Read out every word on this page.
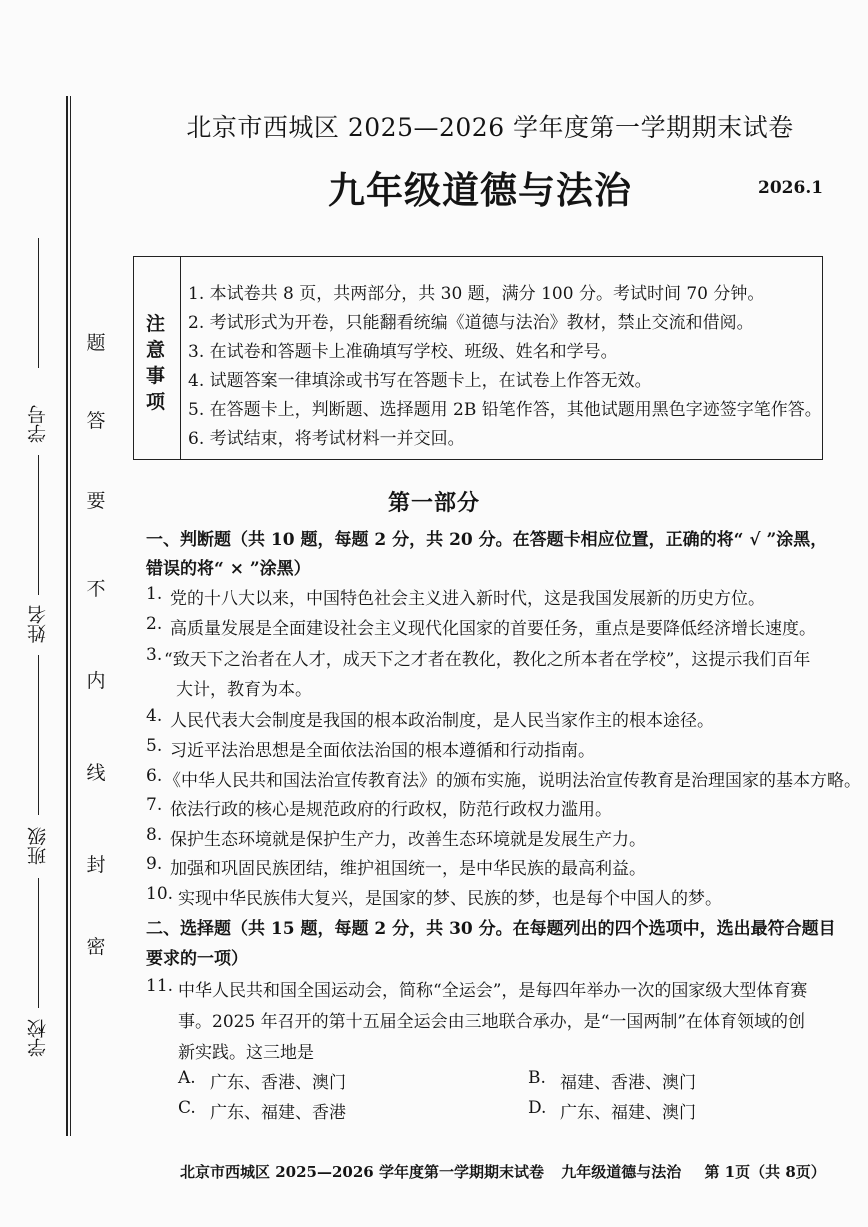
学号
姓名
班级
学校
题
答
要
不
内
线
封
密
北京市西城区 2025—2026 学年度第一学期期末试卷
九年级道德与法治	2026.1
注
意
事
项
1. 本试卷共 8 页，共两部分，共 30 题，满分 100 分。考试时间 70 分钟。
2. 考试形式为开卷，只能翻看统编《道德与法治》教材，禁止交流和借阅。
3. 在试卷和答题卡上准确填写学校、班级、姓名和学号。
4. 试题答案一律填涂或书写在答题卡上，在试卷上作答无效。
5. 在答题卡上，判断题、选择题用 2B 铅笔作答，其他试题用黑色字迹签字笔作答。
6. 考试结束，将考试材料一并交回。
第一部分
一、判断题（共 10 题，每题 2 分，共 20 分。在答题卡相应位置，正确的将“ √ ”涂黑，
错误的将“ × ”涂黑）
1. 党的十八大以来，中国特色社会主义进入新时代，这是我国发展新的历史方位。
2. 高质量发展是全面建设社会主义现代化国家的首要任务，重点是要降低经济增长速度。
3. “致天下之治者在人才，成天下之才者在教化，教化之所本者在学校”，这提示我们百年
大计，教育为本。
4. 人民代表大会制度是我国的根本政治制度，是人民当家作主的根本途径。
5. 习近平法治思想是全面依法治国的根本遵循和行动指南。
6. 《中华人民共和国法治宣传教育法》的颁布实施，说明法治宣传教育是治理国家的基本方略。
7. 依法行政的核心是规范政府的行政权，防范行政权力滥用。
8. 保护生态环境就是保护生产力，改善生态环境就是发展生产力。
9. 加强和巩固民族团结，维护祖国统一，是中华民族的最高利益。
10. 实现中华民族伟大复兴，是国家的梦、民族的梦，也是每个中国人的梦。
二、选择题（共 15 题，每题 2 分，共 30 分。在每题列出的四个选项中，选出最符合题目
要求的一项）
11. 中华人民共和国全国运动会，简称“全运会”，是每四年举办一次的国家级大型体育赛
事。2025 年召开的第十五届全运会由三地联合承办，是“一国两制”在体育领域的创
新实践。这三地是
A. 广东、香港、澳门	B. 福建、香港、澳门
C. 广东、福建、香港	D. 广东、福建、澳门
北京市西城区 2025—2026 学年度第一学期期末试卷 九年级道德与法治 第 1页（共 8页）
